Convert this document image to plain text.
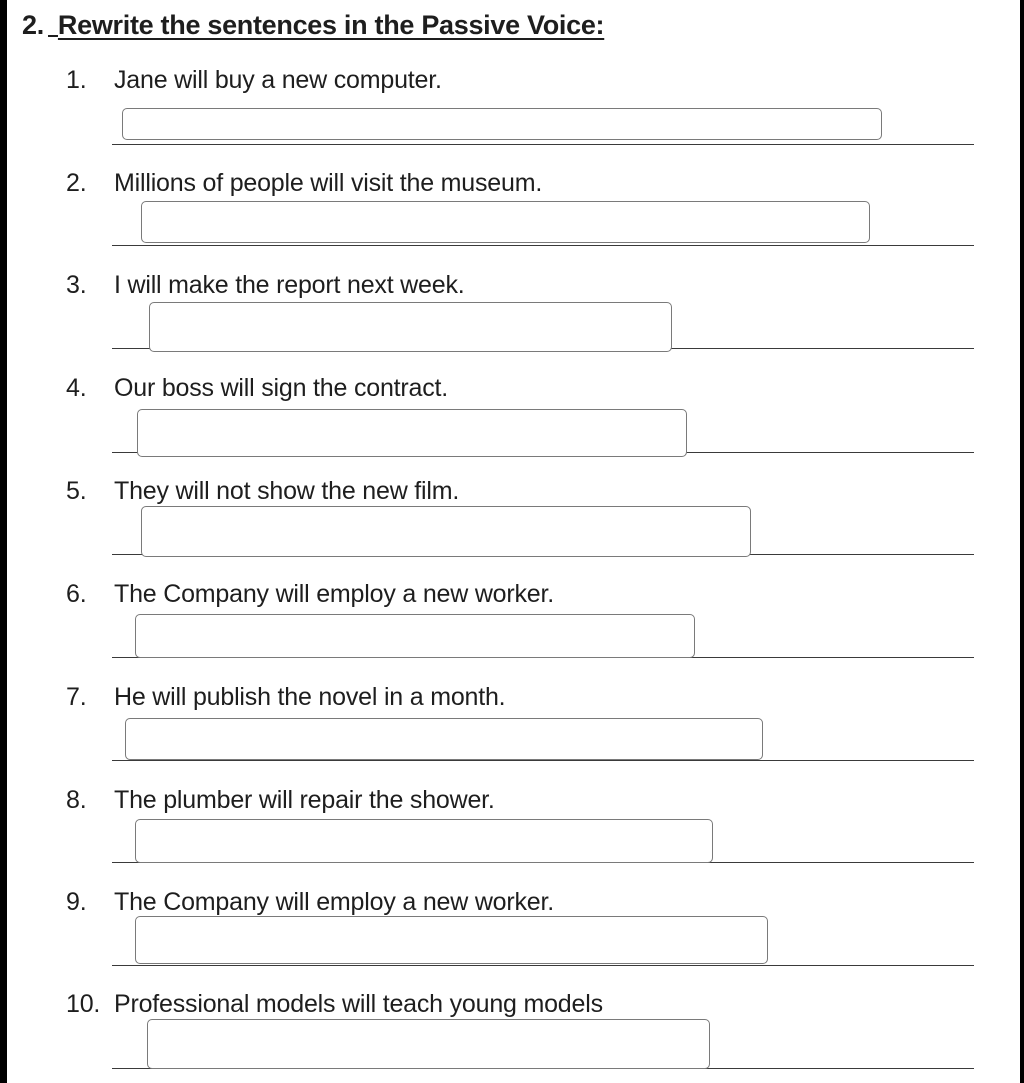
2. Rewrite the sentences in the Passive Voice:
1. Jane will buy a new computer.
2. Millions of people will visit the museum.
3. I will make the report next week.
4. Our boss will sign the contract.
5. They will not show the new film.
6. The Company will employ a new worker.
7. He will publish the novel in a month.
8. The plumber will repair the shower.
9. The Company will employ a new worker.
10. Professional models will teach young models
